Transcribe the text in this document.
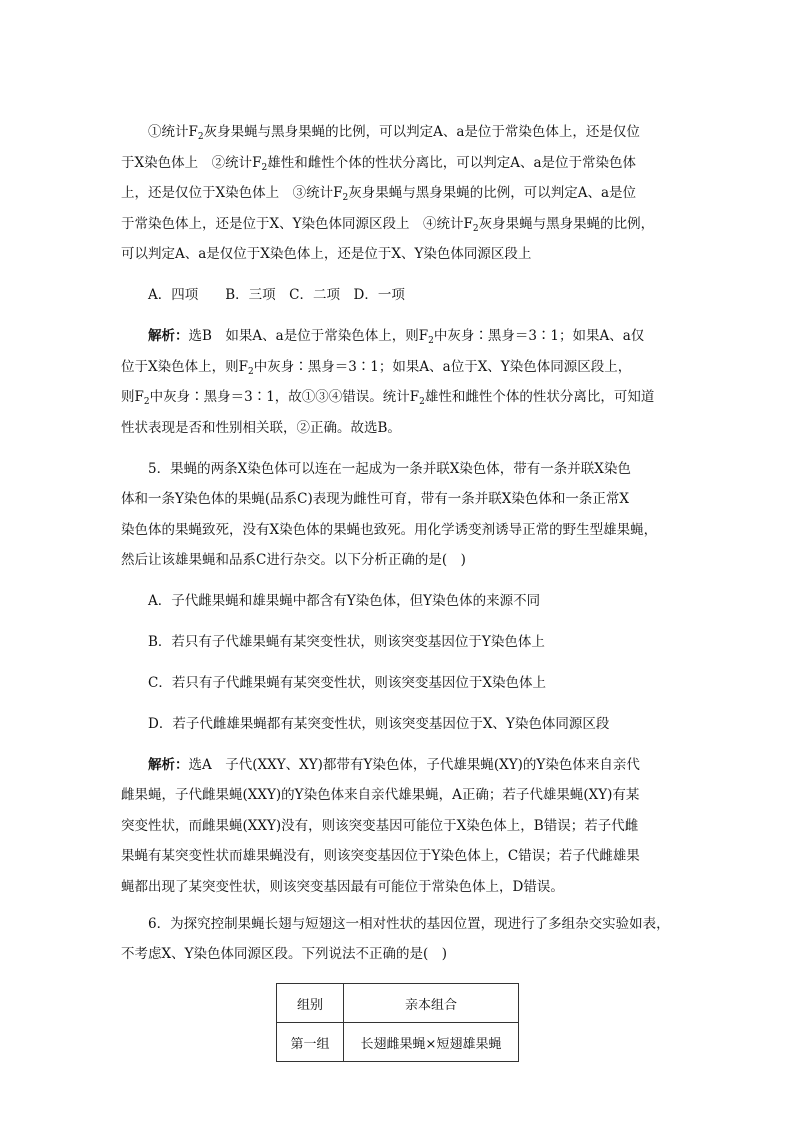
①统计$F_2$灰身果蝇与黑身果蝇的比例，可以判定A、a是位于常染色体上，还是仅位
于X染色体上　②统计$F_2$雄性和雌性个体的性状分离比，可以判定A、a是位于常染色体
上，还是仅位于X染色体上　③统计$F_2$灰身果蝇与黑身果蝇的比例，可以判定A、a是位
于常染色体上，还是位于X、Y染色体同源区段上　④统计$F_2$灰身果蝇与黑身果蝇的比例，
可以判定A、a是仅位于X染色体上，还是位于X、Y染色体同源区段上
A．四项　　B．三项　C．二项　D．一项
解析：选B　如果A、a是位于常染色体上，则$F_2$中灰身∶黑身＝3∶1；如果A、a仅
位于X染色体上，则$F_2$中灰身∶黑身＝3∶1；如果A、a位于X、Y染色体同源区段上，
则$F_2$中灰身∶黑身＝3∶1，故①③④错误。统计$F_2$雄性和雌性个体的性状分离比，可知道
性状表现是否和性别相关联，②正确。故选B。
5．果蝇的两条X染色体可以连在一起成为一条并联X染色体，带有一条并联X染色
体和一条Y染色体的果蝇(品系C)表现为雌性可育，带有一条并联X染色体和一条正常X
染色体的果蝇致死，没有X染色体的果蝇也致死。用化学诱变剂诱导正常的野生型雄果蝇，
然后让该雄果蝇和品系C进行杂交。以下分析正确的是(　)
A．子代雌果蝇和雄果蝇中都含有Y染色体，但Y染色体的来源不同
B．若只有子代雄果蝇有某突变性状，则该突变基因位于Y染色体上
C．若只有子代雌果蝇有某突变性状，则该突变基因位于X染色体上
D．若子代雌雄果蝇都有某突变性状，则该突变基因位于X、Y染色体同源区段
解析：选A　子代(XXY、XY)都带有Y染色体，子代雄果蝇(XY)的Y染色体来自亲代
雌果蝇，子代雌果蝇(XXY)的Y染色体来自亲代雄果蝇，A正确；若子代雄果蝇(XY)有某
突变性状，而雌果蝇(XXY)没有，则该突变基因可能位于X染色体上，B错误；若子代雌
果蝇有某突变性状而雄果蝇没有，则该突变基因位于Y染色体上，C错误；若子代雌雄果
蝇都出现了某突变性状，则该突变基因最有可能位于常染色体上，D错误。
6．为探究控制果蝇长翅与短翅这一相对性状的基因位置，现进行了多组杂交实验如表，
不考虑X、Y染色体同源区段。下列说法不正确的是(　)
组别	亲本组合
第一组	长翅雌果蝇×短翅雄果蝇
